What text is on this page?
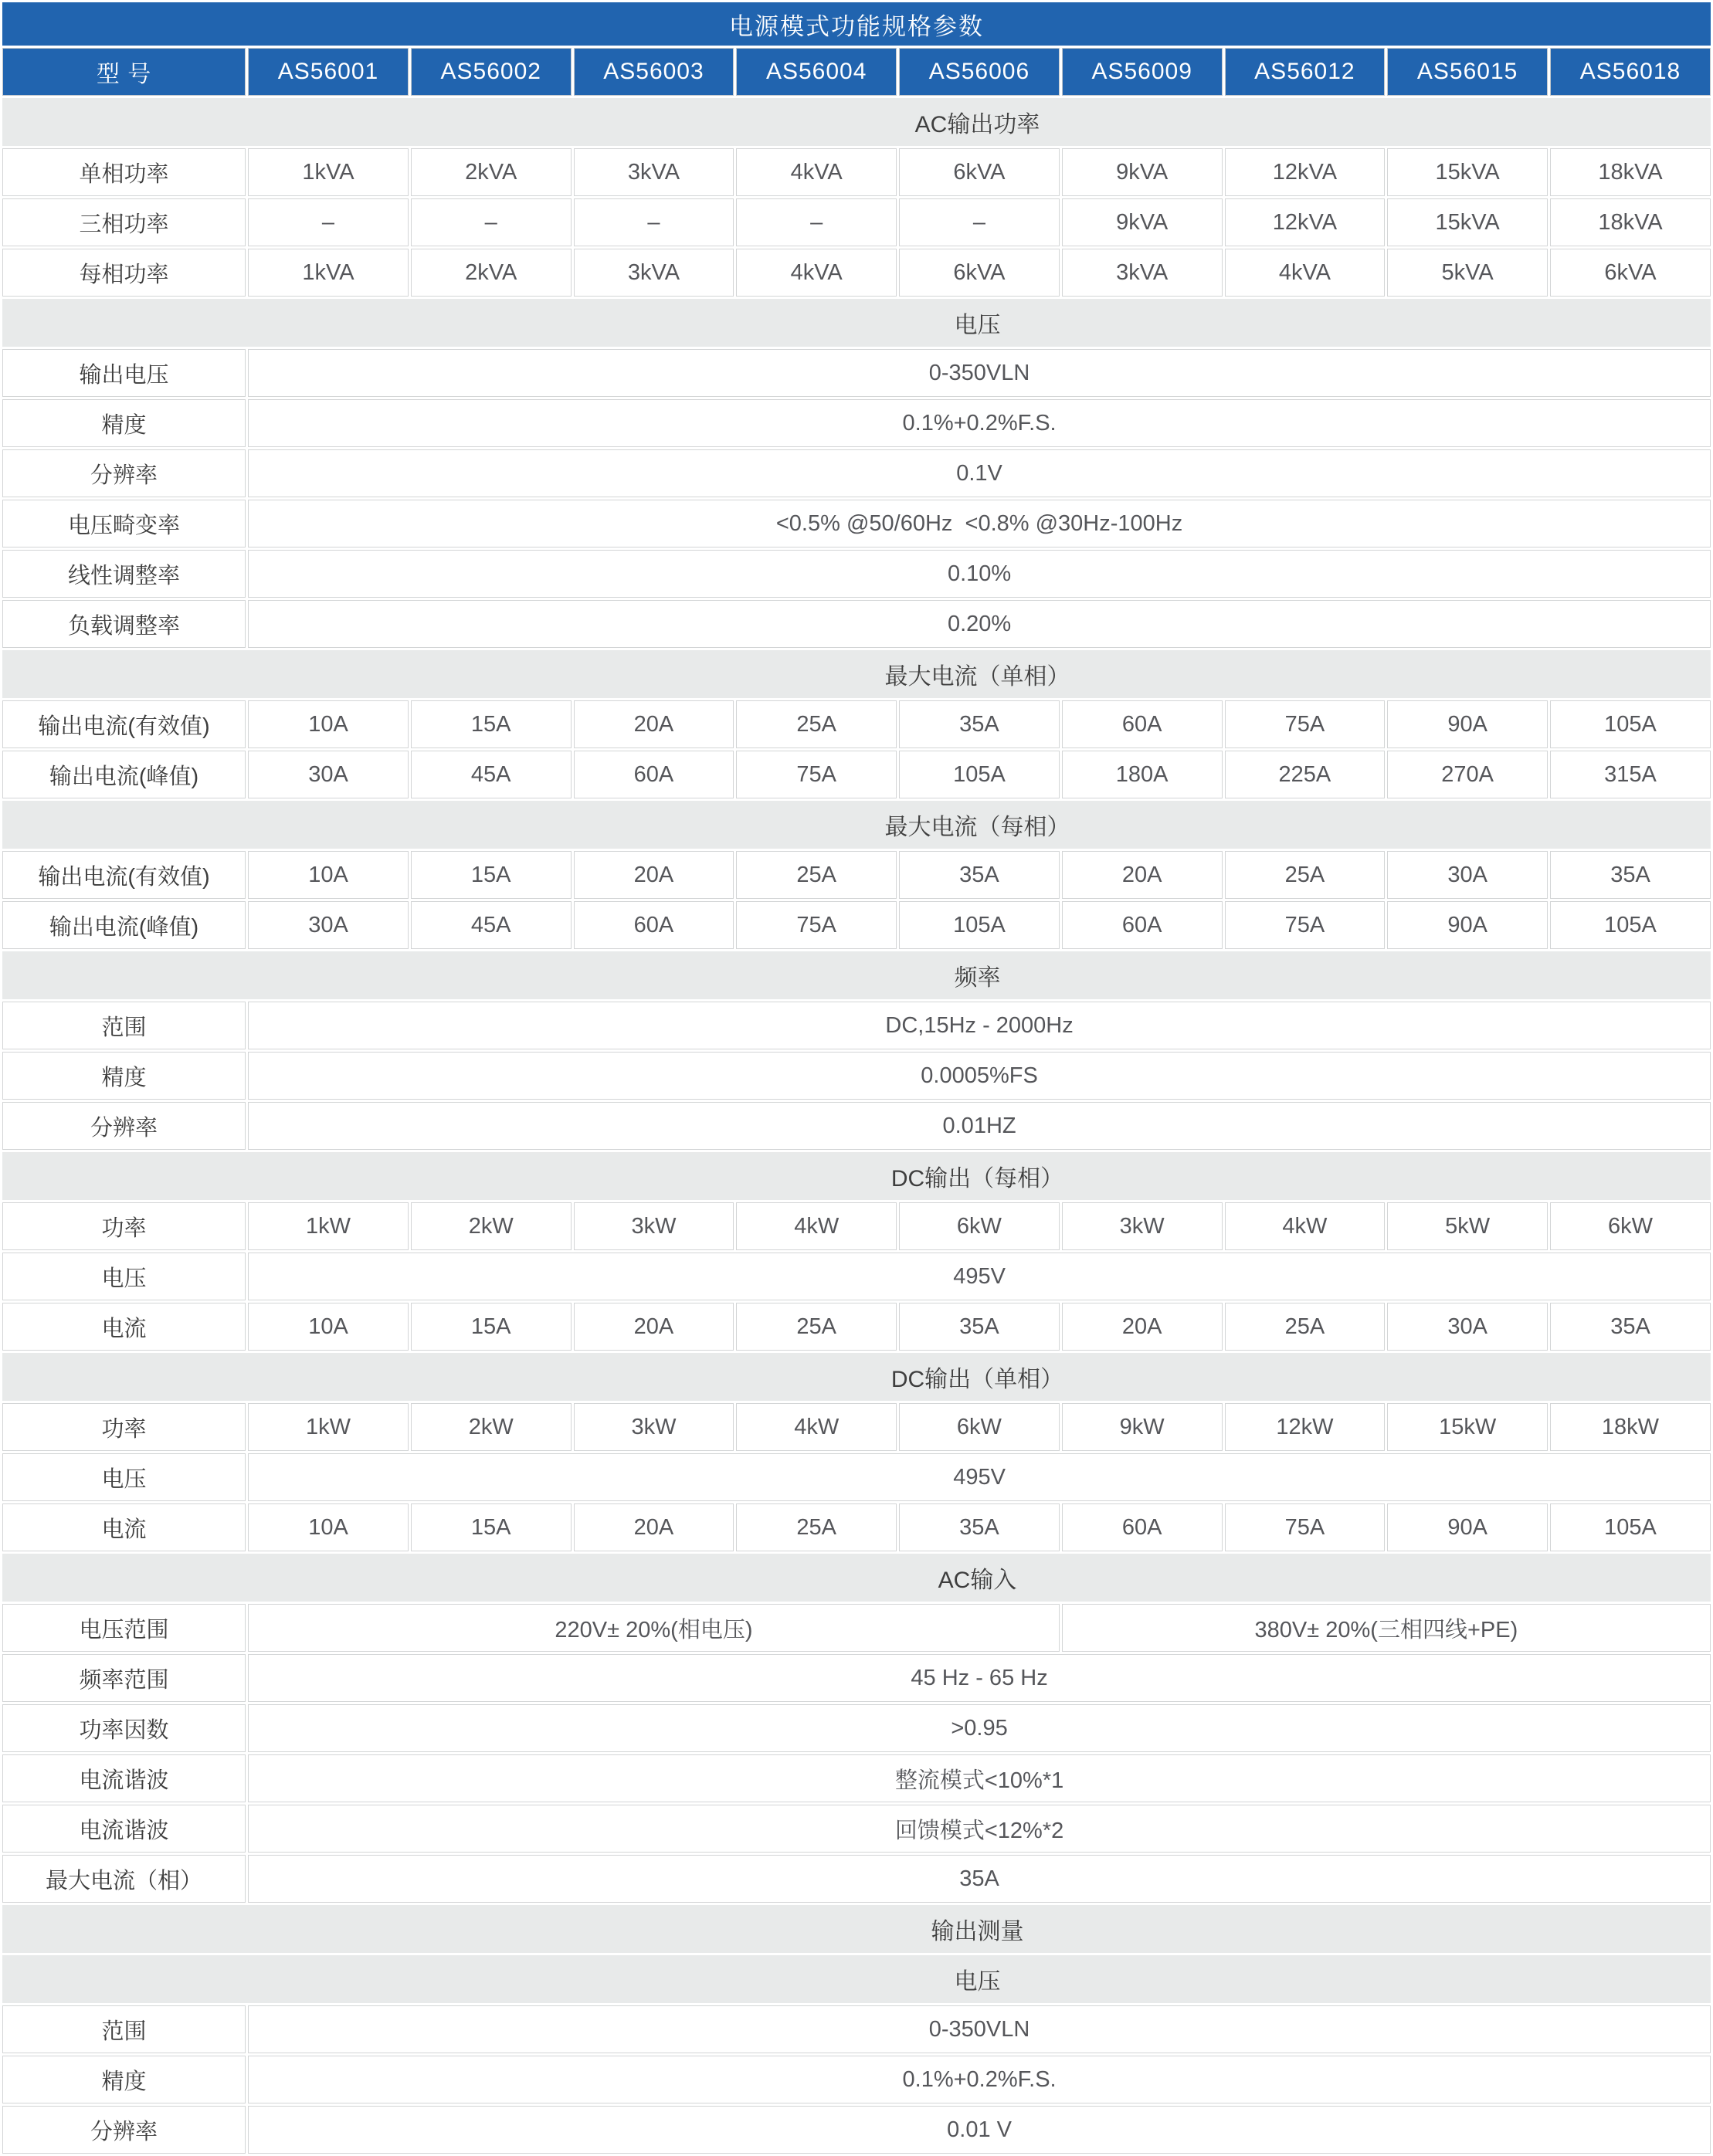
电源模式功能规格参数									
型 号	AS56001	AS56002	AS56003	AS56004	AS56006	AS56009	AS56012	AS56015	AS56018
AC输出功率									
单相功率	1kVA	2kVA	3kVA	4kVA	6kVA	9kVA	12kVA	15kVA	18kVA
三相功率	–	–	–	–	–	9kVA	12kVA	15kVA	18kVA
每相功率	1kVA	2kVA	3kVA	4kVA	6kVA	3kVA	4kVA	5kVA	6kVA
电压									
输出电压	0-350VLN								
精度	0.1%+0.2%F.S.								
分辨率	0.1V								
电压畸变率	<0.5% @50/60Hz  <0.8% @30Hz-100Hz								
线性调整率	0.10%								
负载调整率	0.20%								
最大电流（单相）									
输出电流(有效值)	10A	15A	20A	25A	35A	60A	75A	90A	105A
输出电流(峰值)	30A	45A	60A	75A	105A	180A	225A	270A	315A
最大电流（每相）									
输出电流(有效值)	10A	15A	20A	25A	35A	20A	25A	30A	35A
输出电流(峰值)	30A	45A	60A	75A	105A	60A	75A	90A	105A
频率									
范围	DC,15Hz - 2000Hz								
精度	0.0005%FS								
分辨率	0.01HZ								
DC输出（每相）									
功率	1kW	2kW	3kW	4kW	6kW	3kW	4kW	5kW	6kW
电压	495V								
电流	10A	15A	20A	25A	35A	20A	25A	30A	35A
DC输出（单相）									
功率	1kW	2kW	3kW	4kW	6kW	9kW	12kW	15kW	18kW
电压	495V								
电流	10A	15A	20A	25A	35A	60A	75A	90A	105A
AC输入									
电压范围	220V± 20%(相电压)					380V± 20%(三相四线+PE)			
频率范围	45 Hz - 65 Hz								
功率因数	>0.95								
电流谐波	整流模式<10%*1								
电流谐波	回馈模式<12%*2								
最大电流（相）	35A								
输出测量									
电压									
范围	0-350VLN								
精度	0.1%+0.2%F.S.								
分辨率	0.01 V								
